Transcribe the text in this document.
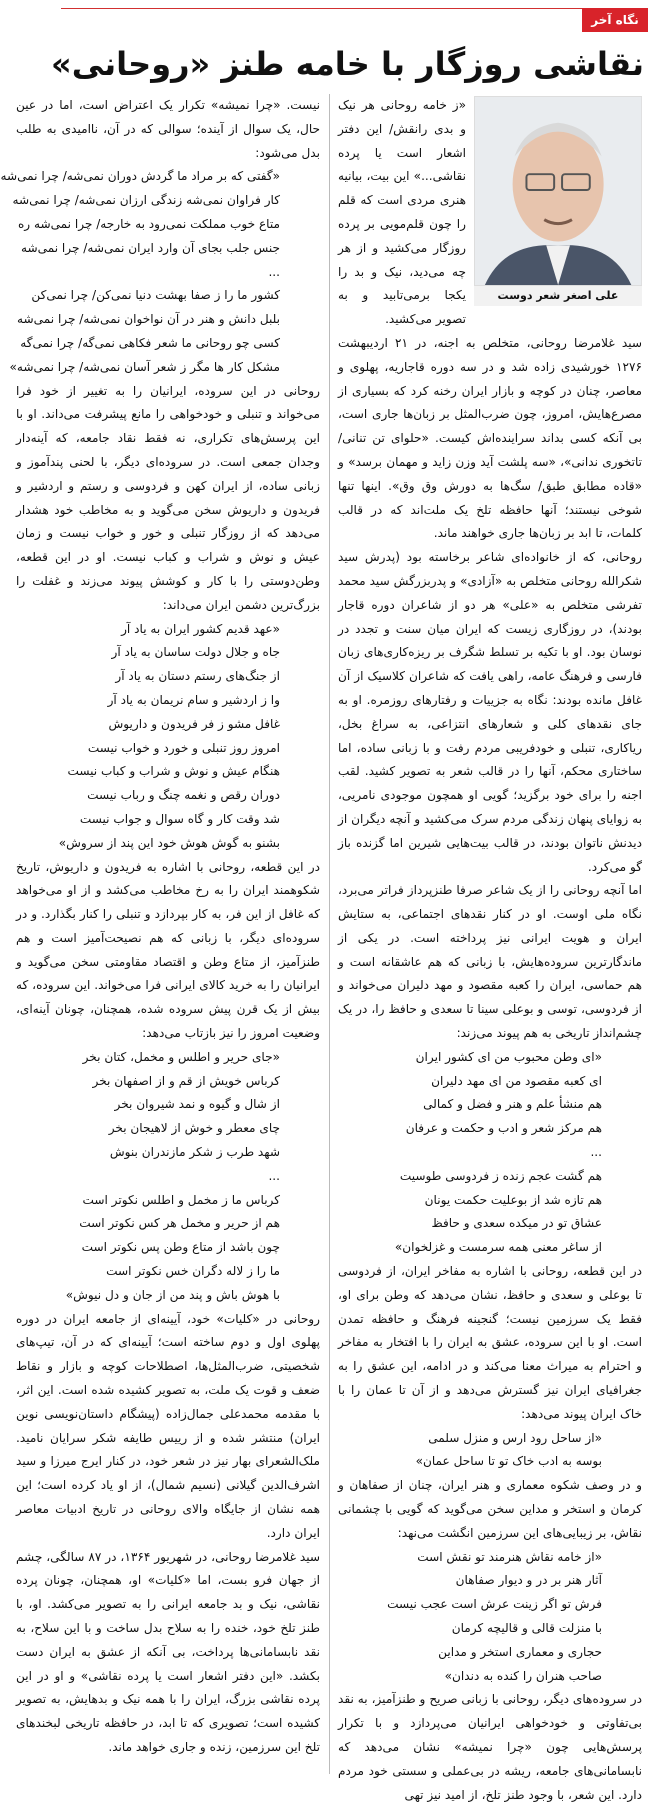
نگاه آخر
نقاشی روزگار با خامه طنز «روحانی»
علی اصغر شعر دوست

«ز خامه روحانی هر نیک و بدی رانقش/ این دفتر اشعار است یا پرده نقاشی...» این بیت، بیانیه هنری مردی است که قلم را چون قلم‌مویی بر پرده روزگار می‌کشید و از هر چه می‌دید، نیک و بد را یکجا برمی‌تابید و به تصویر می‌کشید.

سید غلامرضا روحانی، متخلص به اجنه، در ۲۱ اردیبهشت ۱۲۷۶ خورشیدی زاده شد و در سه دوره قاجاریه، پهلوی و معاصر، چنان در کوچه و بازار ایران رخنه کرد که بسیاری از مصرع‌هایش، امروز، چون ضرب‌المثل بر زبان‌ها جاری است، بی آنکه کسی بداند سراینده‌اش کیست. «حلوای تن تنانی/ تاتخوری ندانی»، «سه پلشت آید وزن زاید و مهمان برسد» و «قاده مطابق طبق/ سگ‌ها به دورش وق وق». اینها تنها شوخی نیستند؛ آنها حافظه تلخ یک ملت‌اند که در قالب کلمات، تا ابد بر زبان‌ها جاری خواهند ماند.

روحانی، که از خانواده‌ای شاعر برخاسته بود (پدرش سید شکرالله روحانی متخلص به «آزادی» و پدربزرگش سید محمد تفرشی متخلص به «علی» هر دو از شاعران دوره قاجار بودند)، در روزگاری زیست که ایران میان سنت و تجدد در نوسان بود. او با تکیه بر تسلط شگرف بر ریزه‌کاری‌های زبان فارسی و فرهنگ عامه، راهی یافت که شاعران کلاسیک از آن غافل مانده بودند: نگاه به جزییات و رفتارهای روزمره. او به جای نقدهای کلی و شعارهای انتزاعی، به سراغ بخل، ریاکاری، تنبلی و خودفریبی مردم رفت و با زبانی ساده، اما ساختاری محکم، آنها را در قالب شعر به تصویر کشید. لقب اجنه را برای خود برگزید؛ گویی او همچون موجودی نامریی، به زوایای پنهان زندگی مردم سرک می‌کشید و آنچه دیگران از دیدنش ناتوان بودند، در قالب بیت‌هایی شیرین اما گزنده باز گو می‌کرد.

اما آنچه روحانی را از یک شاعر صرفا طنزپرداز فراتر می‌برد، نگاه ملی اوست. او در کنار نقدهای اجتماعی، به ستایش ایران و هویت ایرانی نیز پرداخته است. در یکی از ماندگارترین سروده‌هایش، با زبانی که هم عاشقانه است و هم حماسی، ایران را کعبه مقصود و مهد دلیران می‌خواند و از فردوسی، توسی و بوعلی سینا تا سعدی و حافظ را، در یک چشم‌انداز تاریخی به هم پیوند می‌زند:

«ای وطن محبوب من ای کشور ایران
ای کعبه مقصود من ای مهد دلیران
هم منشأ علم و هنر و فضل و کمالی
هم مرکز شعر و ادب و حکمت و عرفان
...
هم گشت عجم زنده ز فردوسی طوسیت
هم تازه شد از بوعلیت حکمت یونان
عشاق تو در میکده سعدی و حافظ
از ساغر معنی همه سرمست و غزلخوان»

در این قطعه، روحانی با اشاره به مفاخر ایران، از فردوسی تا بوعلی و سعدی و حافظ، نشان می‌دهد که وطن برای او، فقط یک سرزمین نیست؛ گنجینه فرهنگ و حافظه تمدن است. او با این سروده، عشق به ایران را با افتخار به مفاخر و احترام به میراث معنا می‌کند و در ادامه، این عشق را به جغرافیای ایران نیز گسترش می‌دهد و از آن تا عمان را با خاک ایران پیوند می‌دهد:

«از ساحل رود ارس و منزل سلمی
بوسه به ادب خاک تو تا ساحل عمان»

و در وصف شکوه معماری و هنر ایران، چنان از صفاهان و کرمان و استخر و مداین سخن می‌گوید که گویی با چشمانی نقاش، بر زیبایی‌های این سرزمین انگشت می‌نهد:

«از خامه نقاش هنرمند تو نقش است
آثار هنر بر در و دیوار صفاهان
فرش تو اگر زینت عرش است عجب نیست
با منزلت قالی و قالیچه کرمان
حجاری و معماری استخر و مداین
صاحب هنران را کنده به دندان»

در سروده‌های دیگر، روحانی با زبانی صریح و طنزآمیز، به نقد بی‌تفاوتی و خودخواهی ایرانیان می‌پردازد و با تکرار پرسش‌هایی چون «چرا نمیشه» نشان می‌دهد که نابسامانی‌های جامعه، ریشه در بی‌عملی و سستی خود مردم دارد. این شعر، با وجود طنز تلخ، از امید نیز تهی

نیست. «چرا نمیشه» تکرار یک اعتراض است، اما در عین حال، یک سوال از آینده؛ سوالی که در آن، ناامیدی به طلب بدل می‌شود:

«گفتی که بر مراد ما گردش دوران نمی‌شه/ چرا نمی‌شه
کار فراوان نمی‌شه زندگی ارزان نمی‌شه/ چرا نمی‌شه
متاع خوب مملکت نمی‌رود به خارجه/ چرا نمی‌شه ره
جنس جلب بجای آن وارد ایران نمی‌شه/ چرا نمی‌شه
...
کشور ما را ز صفا بهشت دنیا نمی‌کن/ چرا نمی‌کن
بلبل دانش و هنر در آن نواخوان نمی‌شه/ چرا نمی‌شه
کسی چو روحانی ما شعر فکاهی نمی‌گه/ چرا نمی‌گه
مشکل کار ها مگر ز شعر آسان نمی‌شه/ چرا نمی‌شه»

روحانی در این سروده، ایرانیان را به تغییر از خود فرا می‌خواند و تنبلی و خودخواهی را مانع پیشرفت می‌داند. او با این پرسش‌های تکراری، نه فقط نقاد جامعه، که آینه‌دار وجدان جمعی است. در سروده‌ای دیگر، با لحنی پندآموز و زبانی ساده، از ایران کهن و فردوسی و رستم و اردشیر و فریدون و داریوش سخن می‌گوید و به مخاطب خود هشدار می‌دهد که از روزگار تنبلی و خور و خواب نیست و زمان عیش و نوش و شراب و کباب نیست. او در این قطعه، وطن‌دوستی را با کار و کوشش پیوند می‌زند و غفلت را بزرگ‌ترین دشمن ایران می‌داند:

«عهد قدیم کشور ایران به یاد آر
جاه و جلال دولت ساسان به یاد آر
از جنگ‌های رستم دستان به یاد آر
وا ز اردشیر و سام نریمان به یاد آر
غافل مشو ز فر فریدون و داریوش
امروز روز تنبلی و خورد و خواب نیست
هنگام عیش و نوش و شراب و کباب نیست
دوران رقص و نغمه چنگ و رباب نیست
شد وقت کار و گاه سوال و جواب نیست
بشنو به گوش هوش خود این پند از سروش»

در این قطعه، روحانی با اشاره به فریدون و داریوش، تاریخ شکوهمند ایران را به رخ مخاطب می‌کشد و از او می‌خواهد که غافل از این فر، به کار بپردازد و تنبلی را کنار بگذارد. و در سروده‌ای دیگر، با زبانی که هم نصیحت‌آمیز است و هم طنزآمیز، از متاع وطن و اقتصاد مقاومتی سخن می‌گوید و ایرانیان را به خرید کالای ایرانی فرا می‌خواند. این سروده، که بیش از یک قرن پیش سروده شده، همچنان، چونان آینه‌ای، وضعیت امروز را نیز بازتاب می‌دهد:

«جای حریر و اطلس و مخمل، کتان بخر
کرباس خویش از قم و از اصفهان بخر
از شال و گیوه و نمد شیروان بخر
چای معطر و خوش از لاهیجان بخر
شهد طرب ز شکر مازندران بنوش
...
کرباس ما ز مخمل و اطلس نکوتر است
هم از حریر و مخمل هر کس نکوتر است
چون باشد از متاع وطن پس نکوتر است
ما را ز لاله دگران خس نکوتر است
با هوش باش و پند من از جان و دل نیوش»

روحانی در «کلیات» خود، آیینه‌ای از جامعه ایران در دوره پهلوی اول و دوم ساخته است؛ آیینه‌ای که در آن، تیپ‌های شخصیتی، ضرب‌المثل‌ها، اصطلاحات کوچه و بازار و نقاط ضعف و قوت یک ملت، به تصویر کشیده شده است. این اثر، با مقدمه محمدعلی جمال‌زاده (پیشگام داستان‌نویسی نوین ایران) منتشر شده و از رییس طایفه شکر سرایان نامید. ملک‌الشعرای بهار نیز در شعر خود، در کنار ایرج میرزا و سید اشرف‌الدین گیلانی (نسیم شمال)، از او یاد کرده است؛ این همه نشان از جایگاه والای روحانی در تاریخ ادبیات معاصر ایران دارد.

سید غلامرضا روحانی، در شهریور ۱۳۶۴، در ۸۷ سالگی، چشم از جهان فرو بست، اما «کلیات» او، همچنان، چونان پرده نقاشی، نیک و بد جامعه ایرانی را به تصویر می‌کشد. او، با طنز تلخ خود، خنده را به سلاح بدل ساخت و با این سلاح، به نقد نابسامانی‌ها پرداخت، بی آنکه از عشق به ایران دست بکشد. «این دفتر اشعار است یا پرده نقاشی» و او در این پرده نقاشی بزرگ، ایران را با همه نیک و بدهایش، به تصویر کشیده است؛ تصویری که تا ابد، در حافظه تاریخی لبخندهای تلخ این سرزمین، زنده و جاری خواهد ماند.
